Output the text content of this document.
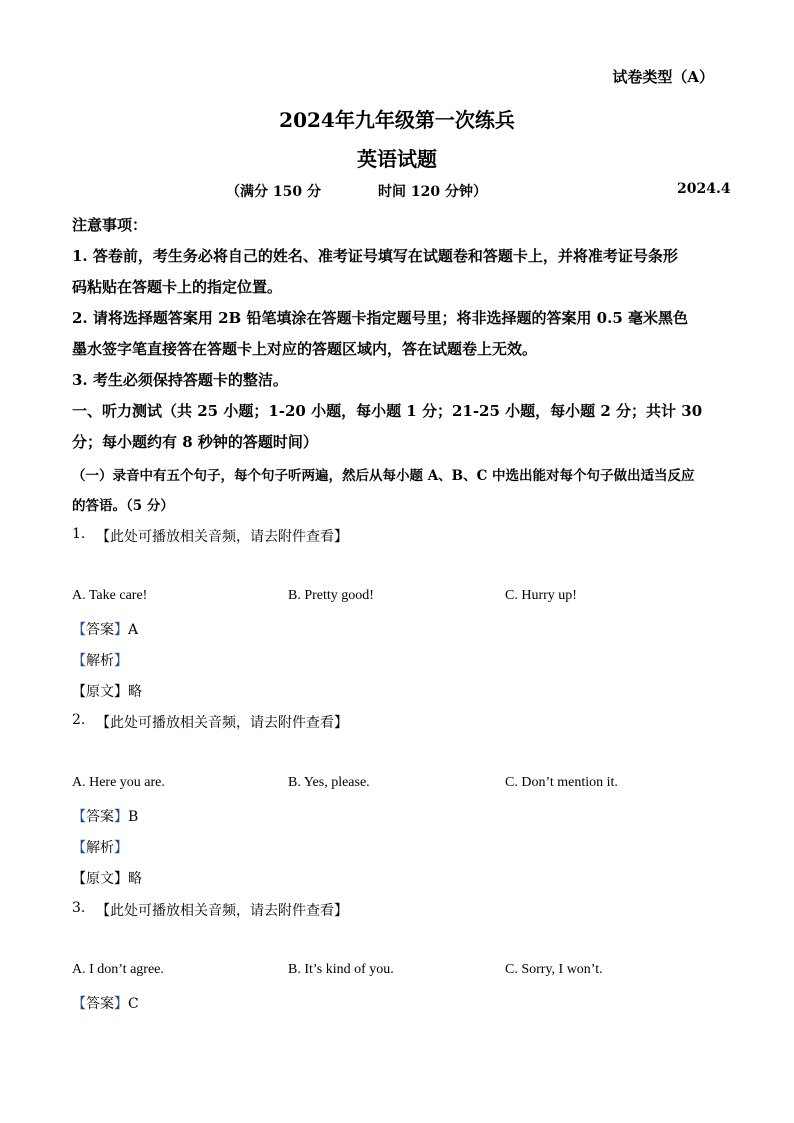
试卷类型（A）
2024年九年级第一次练兵
英语试题
（满分 150 分	时间 120 分钟）	2024.4
注意事项：
1. 答卷前，考生务必将自己的姓名、准考证号填写在试题卷和答题卡上，并将准考证号条形
码粘贴在答题卡上的指定位置。
2. 请将选择题答案用 2B 铅笔填涂在答题卡指定题号里；将非选择题的答案用 0.5 毫米黑色
墨水签字笔直接答在答题卡上对应的答题区域内，答在试题卷上无效。
3. 考生必须保持答题卡的整洁。
一、听力测试（共 25 小题；1-20 小题，每小题 1 分；21-25 小题，每小题 2 分；共计 30
分；每小题约有 8 秒钟的答题时间）
（一）录音中有五个句子，每个句子听两遍，然后从每小题 A、B、C 中选出能对每个句子做出适当反应
的答语。（5 分）
1. 【此处可播放相关音频，请去附件查看】
A. Take care!	B. Pretty good!	C. Hurry up!
【答案】A
【解析】
【原文】略
2. 【此处可播放相关音频，请去附件查看】
A. Here you are.	B. Yes, please.	C. Don’t mention it.
【答案】B
【解析】
【原文】略
3. 【此处可播放相关音频，请去附件查看】
A. I don’t agree.	B. It’s kind of you.	C. Sorry, I won’t.
【答案】C
